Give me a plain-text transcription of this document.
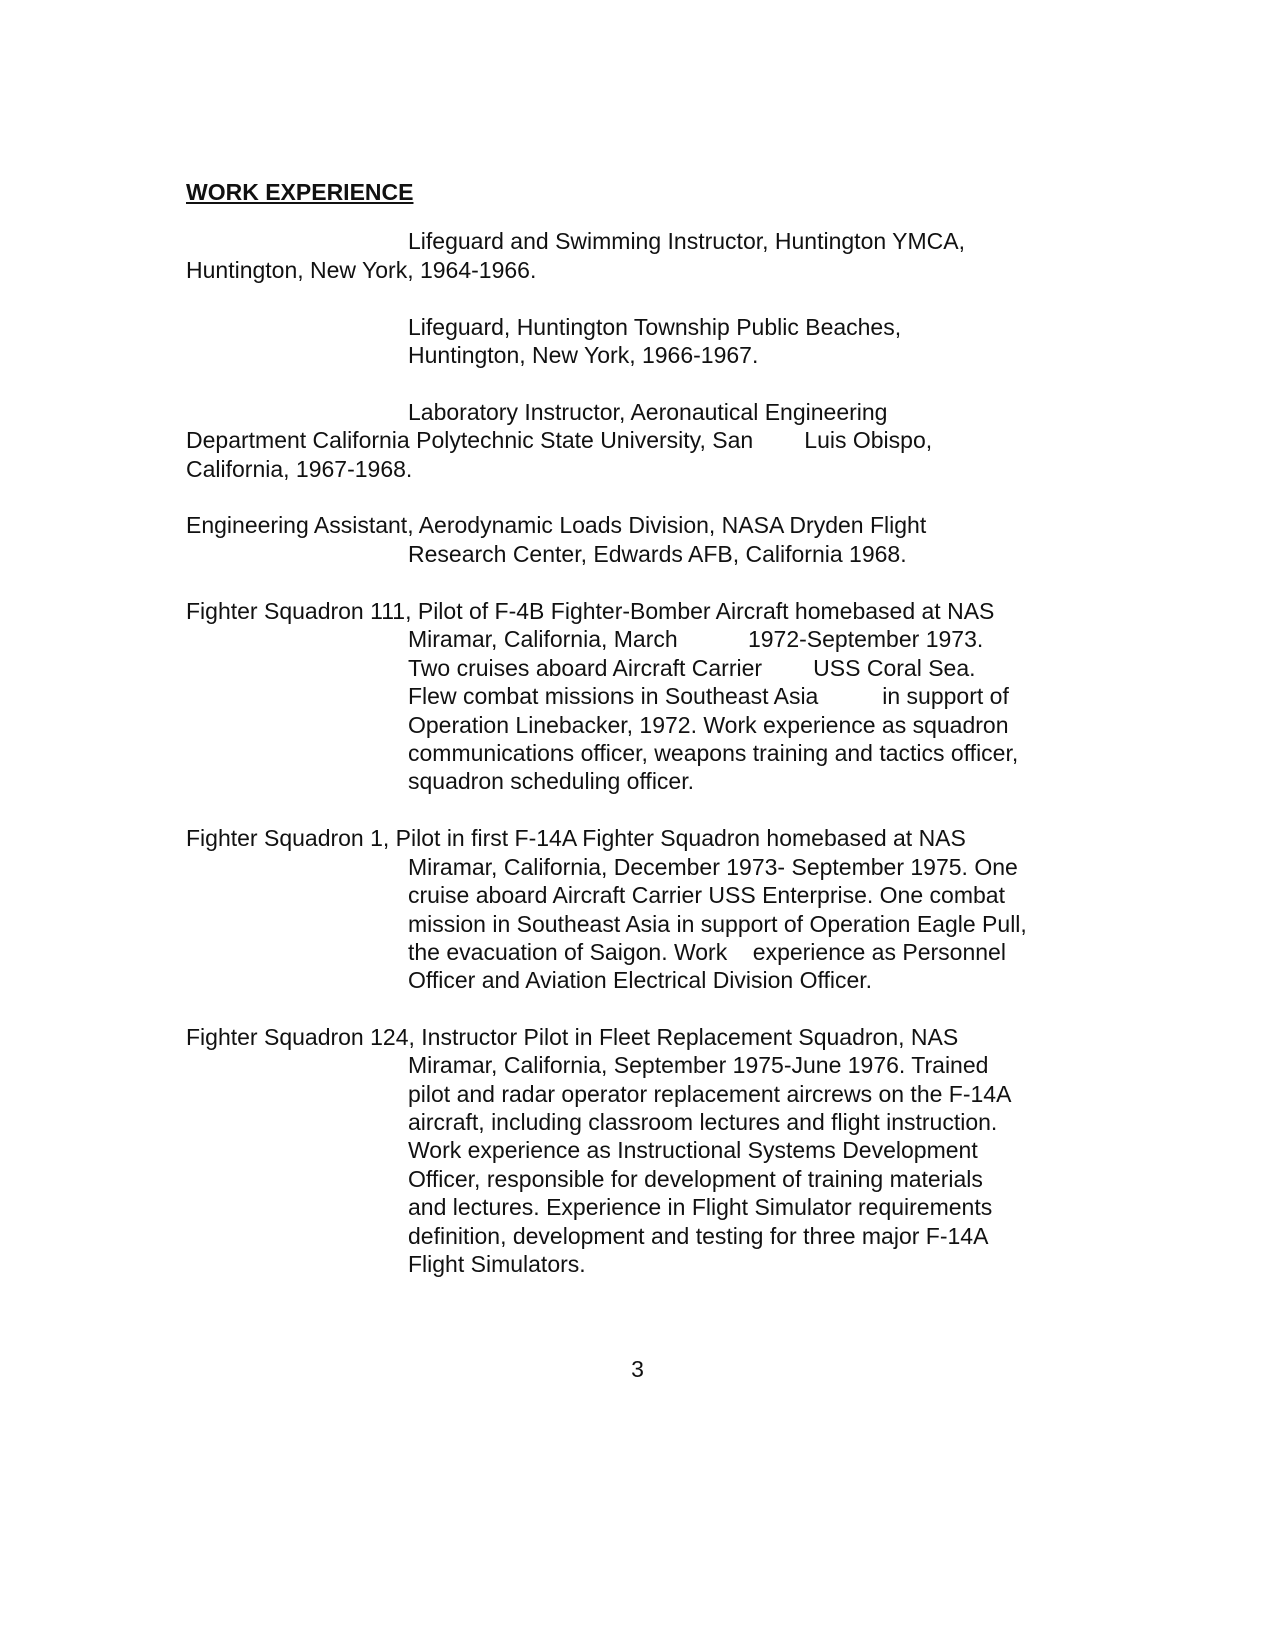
WORK EXPERIENCE
Lifeguard and Swimming Instructor, Huntington YMCA,
Huntington, New York, 1964-1966.
Lifeguard, Huntington Township Public Beaches,
Huntington, New York, 1966-1967.
Laboratory Instructor, Aeronautical Engineering
Department California Polytechnic State University, San        Luis Obispo,
California, 1967-1968.
Engineering Assistant, Aerodynamic Loads Division, NASA Dryden Flight
Research Center, Edwards AFB, California 1968.
Fighter Squadron 111, Pilot of F-4B Fighter-Bomber Aircraft homebased at NAS
Miramar, California, March           1972-September 1973.
Two cruises aboard Aircraft Carrier        USS Coral Sea.
Flew combat missions in Southeast Asia          in support of
Operation Linebacker, 1972. Work experience as squadron
communications officer, weapons training and tactics officer,
squadron scheduling officer.
Fighter Squadron 1, Pilot in first F-14A Fighter Squadron homebased at NAS
Miramar, California, December 1973- September 1975. One
cruise aboard Aircraft Carrier USS Enterprise. One combat
mission in Southeast Asia in support of Operation Eagle Pull,
the evacuation of Saigon. Work    experience as Personnel
Officer and Aviation Electrical Division Officer.
Fighter Squadron 124, Instructor Pilot in Fleet Replacement Squadron, NAS
Miramar, California, September 1975-June 1976. Trained
pilot and radar operator replacement aircrews on the F-14A
aircraft, including classroom lectures and flight instruction.
Work experience as Instructional Systems Development
Officer, responsible for development of training materials
and lectures. Experience in Flight Simulator requirements
definition, development and testing for three major F-14A
Flight Simulators.
3
